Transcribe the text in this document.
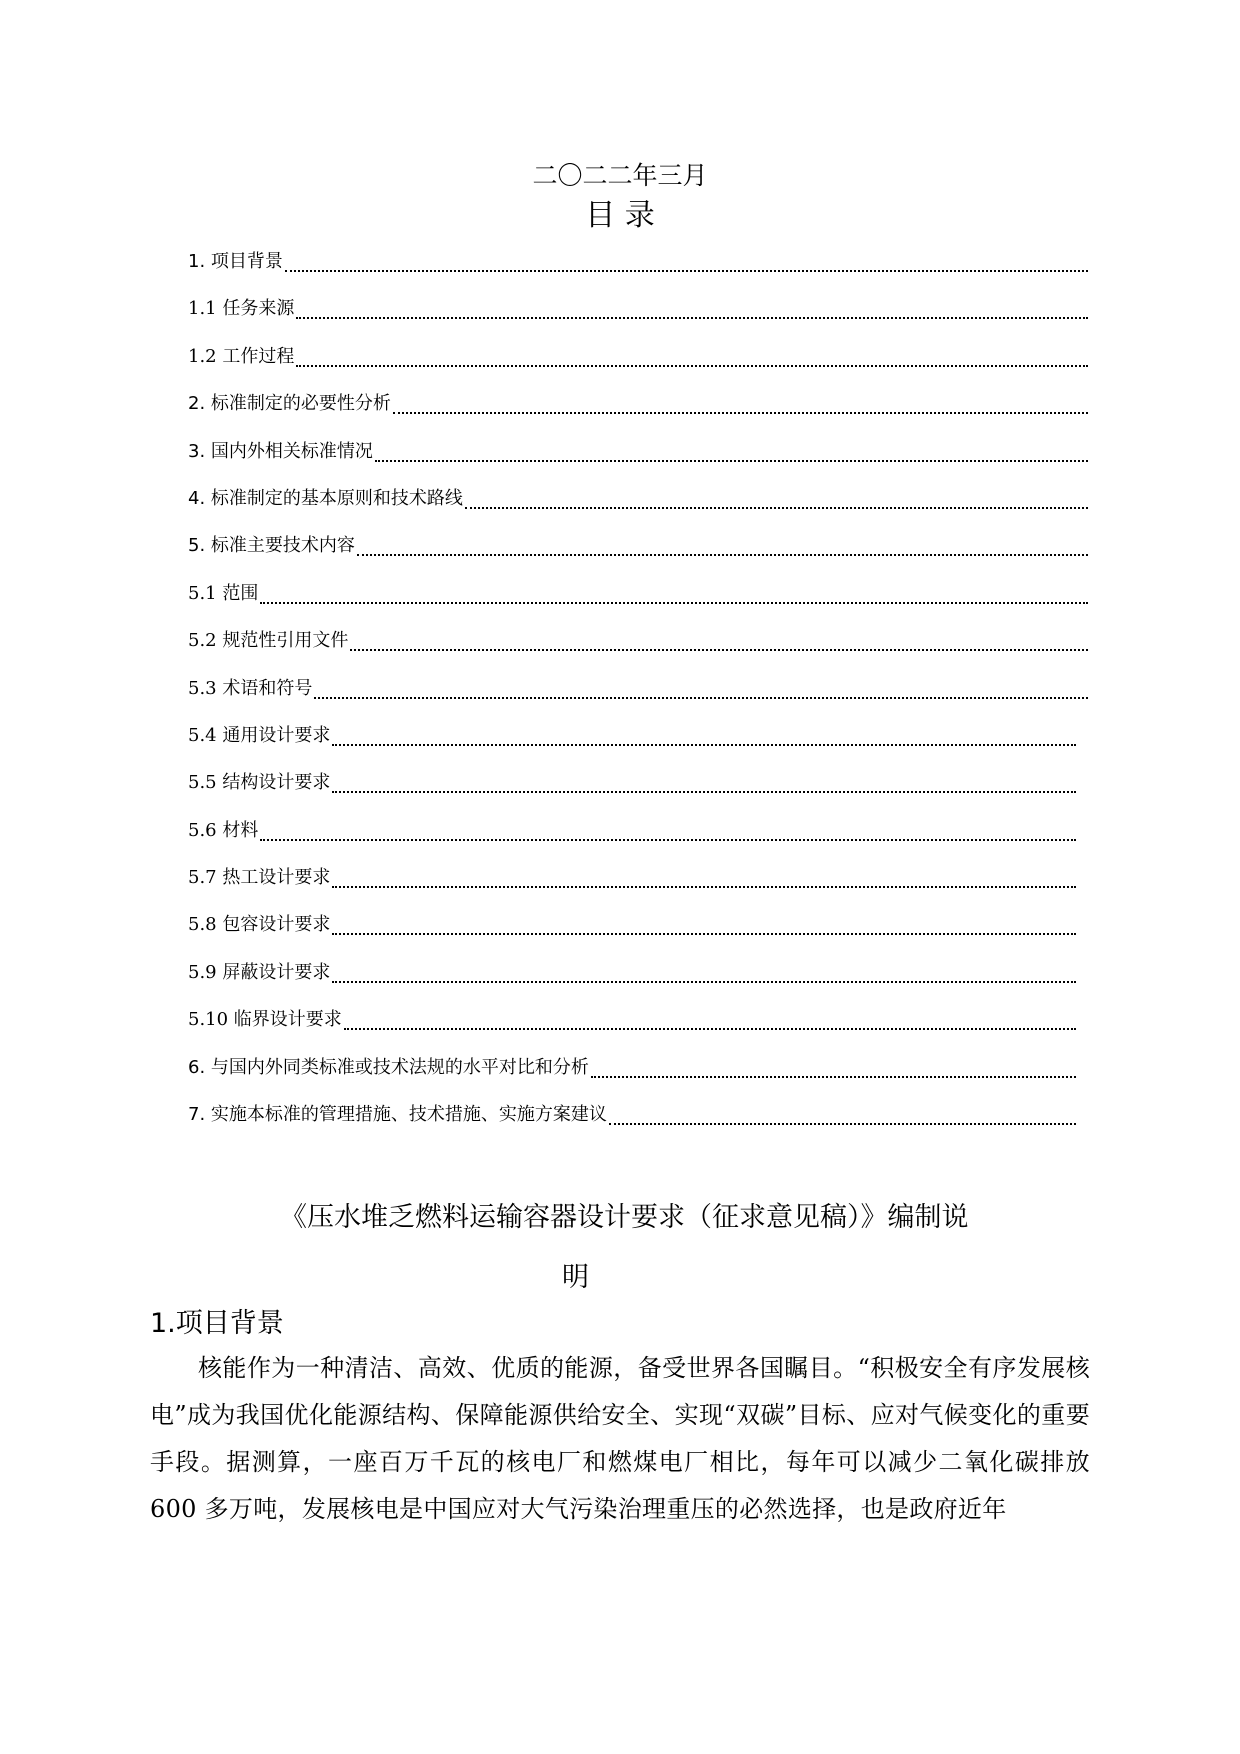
二〇二二年三月
目 录
1. 项目背景
1.1 任务来源
1.2 工作过程
2. 标准制定的必要性分析
3. 国内外相关标准情况
4. 标准制定的基本原则和技术路线
5. 标准主要技术内容
5.1 范围
5.2 规范性引用文件
5.3 术语和符号
5.4 通用设计要求
5.5 结构设计要求
5.6 材料
5.7 热工设计要求
5.8 包容设计要求
5.9 屏蔽设计要求
5.10 临界设计要求
6. 与国内外同类标准或技术法规的水平对比和分析
7. 实施本标准的管理措施、技术措施、实施方案建议
《压水堆乏燃料运输容器设计要求（征求意见稿）》编制说
明
1.项目背景
核能作为一种清洁、高效、优质的能源，备受世界各国瞩目。“积极安全有序发展核电”成为我国优化能源结构、保障能源供给安全、实现“双碳”目标、应对气候变化的重要手段。据测算，一座百万千瓦的核电厂和燃煤电厂相比，每年可以减少二氧化碳排放 600 多万吨，发展核电是中国应对大气污染治理重压的必然选择，也是政府近年
